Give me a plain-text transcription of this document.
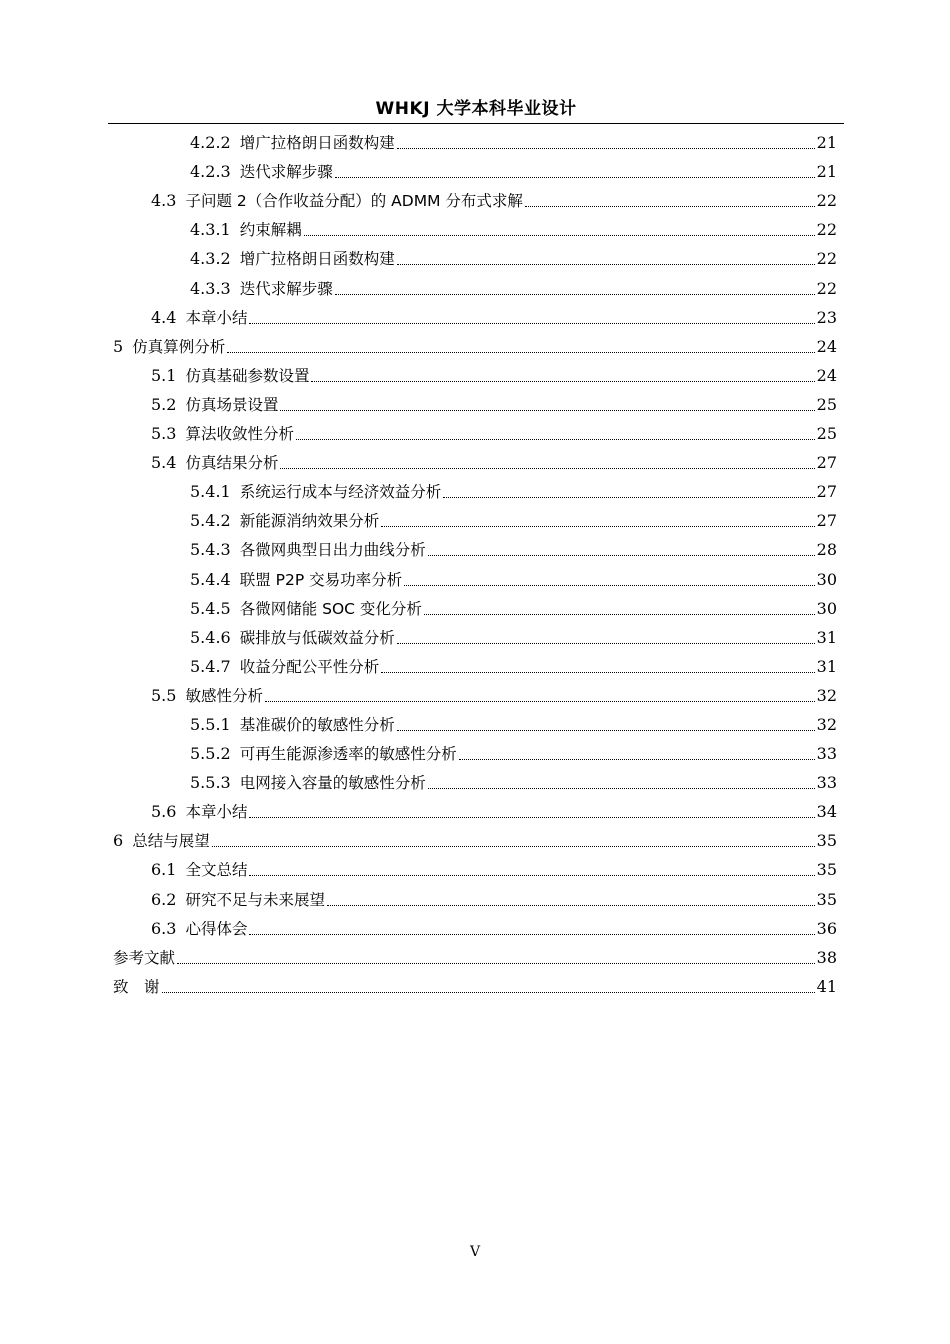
WHKJ 大学本科毕业设计
4.2.2 增广拉格朗日函数构建	21
4.2.3 迭代求解步骤	21
4.3 子问题 2（合作收益分配）的 ADMM 分布式求解	22
4.3.1 约束解耦	22
4.3.2 增广拉格朗日函数构建	22
4.3.3 迭代求解步骤	22
4.4 本章小结	23
5 仿真算例分析	24
5.1 仿真基础参数设置	24
5.2 仿真场景设置	25
5.3 算法收敛性分析	25
5.4 仿真结果分析	27
5.4.1 系统运行成本与经济效益分析	27
5.4.2 新能源消纳效果分析	27
5.4.3 各微网典型日出力曲线分析	28
5.4.4 联盟 P2P 交易功率分析	30
5.4.5 各微网储能 SOC 变化分析	30
5.4.6 碳排放与低碳效益分析	31
5.4.7 收益分配公平性分析	31
5.5 敏感性分析	32
5.5.1 基准碳价的敏感性分析	32
5.5.2 可再生能源渗透率的敏感性分析	33
5.5.3 电网接入容量的敏感性分析	33
5.6 本章小结	34
6 总结与展望	35
6.1 全文总结	35
6.2 研究不足与未来展望	35
6.3 心得体会	36
参考文献	38
致　谢	41
V
